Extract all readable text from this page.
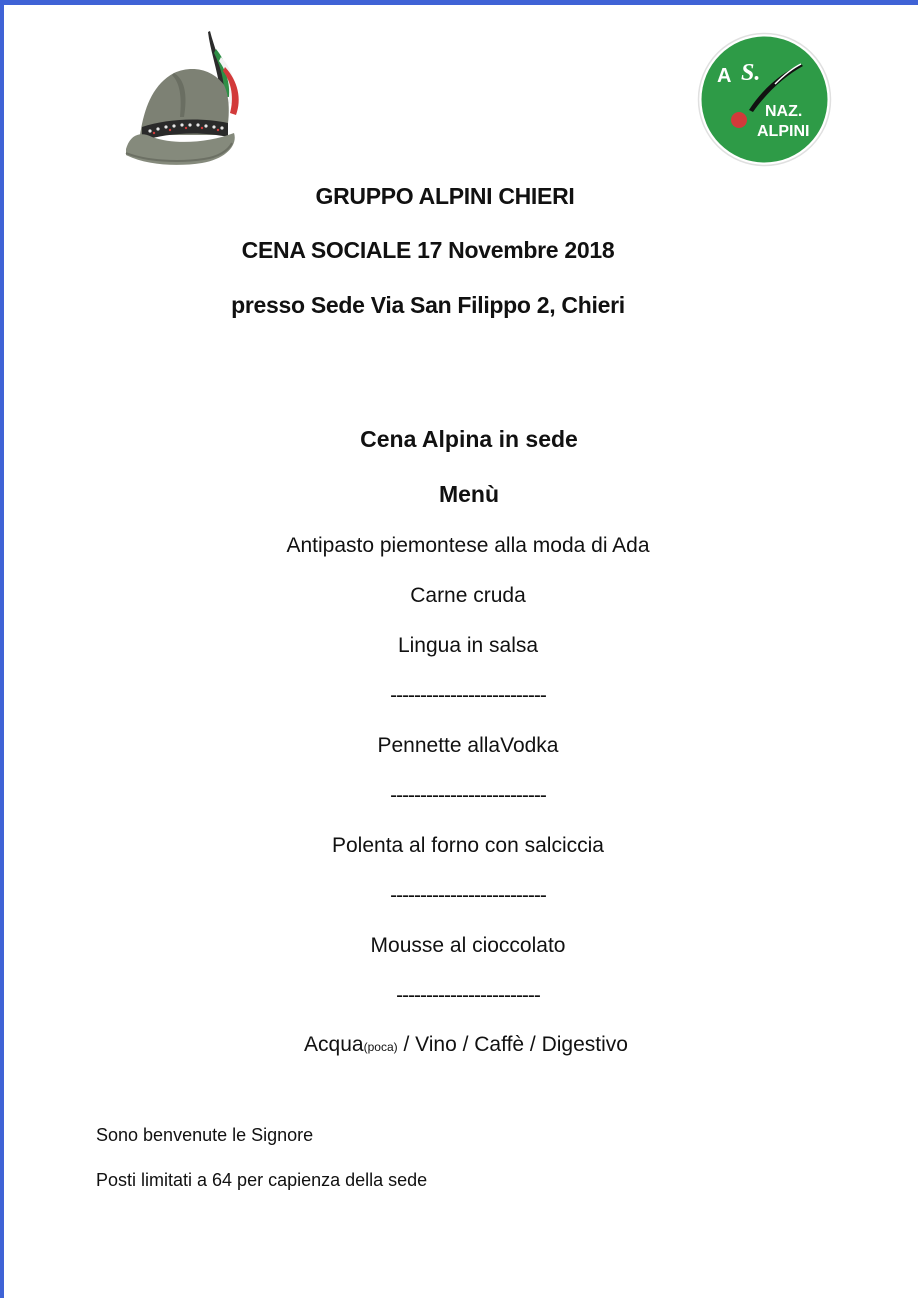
A S.
NAZ.
ALPINI
GRUPPO ALPINI CHIERI
CENA SOCIALE 17 Novembre 2018
presso Sede Via San Filippo 2, Chieri
Cena Alpina in sede
Menù
Antipasto piemontese alla moda di Ada
Carne cruda
Lingua in salsa
--------------------------
Pennette allaVodka
--------------------------
Polenta al forno con salciccia
--------------------------
Mousse al cioccolato
------------------------
Acqua(poca) / Vino / Caffè / Digestivo
Sono benvenute le Signore
Posti limitati a 64 per capienza della sede
